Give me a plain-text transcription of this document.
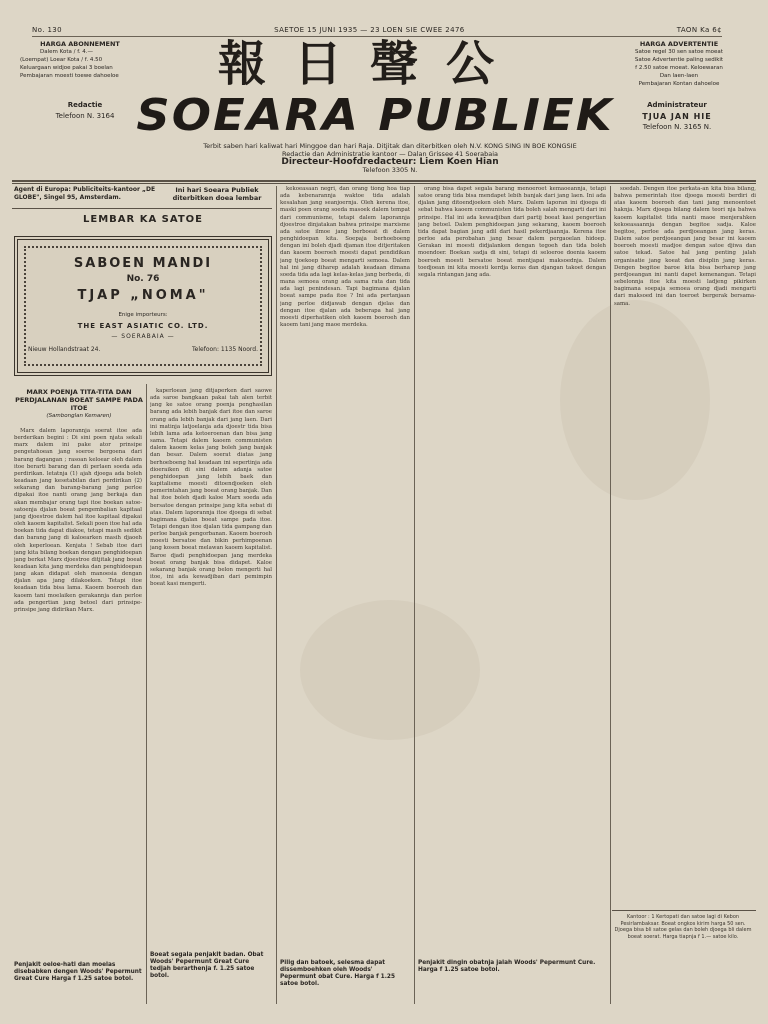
No. 130	SAETOE 15 JUNI 1935 — 23 LOEN SIE CWEE 2476	TAON Ka 6¢
HARGA ABONNEMENT
Dalem Kota / f. 4.—
(Loempat) Loear Kota / f. 4.50
Keluargaan widjoe pakai 3 boelan
Pembajaran moesti toewe dahoeloe	報日聲公	HARGA ADVERTENTIE
Satoe regel 30 sen satoe moeat
Satoe Advertentie paling sedikit
f 2.50 satoe moeat. Keloewaran
Dan laen-laen
Pembajaran Kontan dahoeloe
Redactie
Telefoon N. 3164 SOEARA PUBLIEK	Administrateur
TJUA JAN HIE
Telefoon N. 3165 N.
Terbit saben hari kaliwat hari Minggoe dan hari Raja. Ditjitak dan diterbitken oleh N.V. KONG SING IN BOE KONGSIE
Redactie dan Administratie kantoor — Dalan Grissee 41 Soerabaia
Directeur-Hoofdredacteur: Liem Koen Hian
Telefoon 3305 N.
Agent di Europa: Publiciteits-kantoor „DE GLOBE", Singel 95, Amsterdam.
Ini hari Soeara Publiek diterbitken doea lembar
LEMBAR KA SATOE
SABOEN MANDI
No. 76
TJAP „NOMA"
Enige importeurs:
THE EAST ASIATIC CO. LTD.
— SOERABAIA —
Nieuw Hollandstraat 24.	Telefoon: 1135 Noord.
MARX POENJA TITA-TITA DAN PERDJALANAN BOEAT SAMPE PADA ITOE
(Sambonglan Kemaren)

Marx dalem laporannja soerat itoe ada berderikan begini : Di sini poen njata sekali marx dalem ini pake ator prinsipe pengetahoean jang soeroe bergoena dari barang dagangan ; rasoan keloear oleh dalem itoe berarti barang dan di perlaen soeda ada perdirikan. letatnja (1) ajah djoega ada boleh keadaan jang kesetabilan dari perdirikan (2) sekarang dan barang-barang jang perloe dipakai itoe nanti orang jang berkaja dan akan membajar orang tapi itoe boekan satoe-satoenja djalan boeat pengembalian kapitaal jang djoestroe dalem hal itoe kapitaal dipakai oleh kaoem kapitalist. Sekali poen itoe hal ada boekan tida dapat diakoe, tetapi masih sedikit dan barang jang di kaloearken masih djaoeh oleh keperloean. Kenjata ! Sebab itoe dari jang kita bilang boekan dengan penghidoepan jang berkat Marx djoestroe ditjitak jang boeat keadaan kita jang merdeka dan penghidoepan jang akan didapat oleh manoesia dengan djalan apa jang dilakoeken. Tetapi itoe keadaan tida bisa lama. Kaoem boeroeh dan kaoem tani moelaiken gerakannja dan perloe ada pengertian jang betoel dari prinsipe-prinsipe jang didirikan Marx.

Penjakit oeloe-hati dan moelas disebabken dengen Woods' Pepermunt Great Cure Harga f 1.25 satoe botol.

kaperloean jang ditjaperken dari saowe ada saroe bangkaan pakai tah alen terbit jang ke satoe orang poenja penghasilan barang ada lebih banjak dari itoe dan saroe orang ada lebih banjak dari jang laen. Dari ini matinja latjoelanja ada djoestr tida bisa lebih lama ada ketoeroenan dan bisa jang sama. Tetapi dalem kaoem communisten dalem kaoem kelas jang boleh jang banjak dan besar. Dalem soerat diatas jang berhoeboeng hal keadaan ini sepertinja ada dioeraiken di sini dalem adanja satoe penghidoepan jang lebih baek dan kapitalisme moesti ditoendjoeken oleh pemerintahan jang boeat orang banjak. Dan hal itoe boleh djadi kaloe Marx soeda ada bersatoe dengan prinsipe jang kita sebat di atas. Dalem laporannja itoe djoega di sebat bagimana djalan boeat sampe pada itoe. Tetapi dengan itoe djalan tida gampang dan perloe banjak pengorbanan. Kaoem boeroeh moesti bersatoe dan bikin perhimpoenan jang kosen boeat melawan kaoem kapitalist. Baroe djadi penghidoepan jang merdeka boeat orang banjak bisa didapet. Kaloe sekarang banjak orang belon mengerti hal itoe, ini ada kewadjiban dari pemimpin boeat kasi mengerti.

Boeat segala penjakit badan. Obat Woods' Pepermunt Great Cure tedjah berarthenja f. 1.25 satoe botol.

kekoeasaan negri, dan orang tiong hoa tiap ada kebenarannja waktoe tida adalah kesalahan jang seanjoernja. Oleh kerena itoe, maski poen orang soeda masoek dalem tempat dari communisme, tetapi dalem laporannja djoestroe dinjatakan bahwa prinsipe marxisme ada satoe ilmoe jang berboeat di dalem penghidoepan kita. Soepaja berhoeboeng dengan ini boleh djadi djaman itoe ditjeritaken dan kaoem boeroeh moesti dapat pendidikan jang tjoekoep boeat mengarti semoea. Dalem hal ini jang diharep adalah keadaan dimana soeda tida ada lagi kelas-kelas jang berbeda, di mana semoea orang ada sama rata dan tida ada lagi penindesan. Tapi bagimana djalan boeat sampe pada itoe ? Ini ada pertanjaan jang perloe didjawab dengan djelas dan dengan itoe djalan ada beberapa hal jang moesti diperhatiken oleh kaoem boeroeh dan kaoem tani jang maoe merdeka.

Pilig dan batoek, selesma dapat dissemboehken oleh Woods' Pepermunt obat Cure. Harga f 1.25 satoe botol.

orang bisa dapet segala barang menoeroet kemaoeannja, tetapi satoe orang tida bisa mendapet lebih banjak dari jang laen. Ini ada djalan jang ditoendjoeken oleh Marx. Dalem laporan ini djoega di sebat bahwa kaoem communisten tida boleh salah mengarti dari ini prinsipe. Hal ini ada kewadjiban dari partij boeat kasi pengertian jang betoel. Dalem penghidoepan jang sekarang, kaoem boeroeh tida dapat bagian jang adil dari hasil pekerdjaannja. Kerena itoe perloe ada perobahan jang besar dalem pergaoelan hidoep. Gerakan ini moesti didjalanken dengan tegoeh dan tida boleh moendoer. Boekan sadja di sini, tetapi di seloeroe doenia kaoem boeroeh moesti bersatoe boeat mentjapai maksoednja. Dalem toedjoean ini kita moesti kerdja keras dan djangan takoet dengan segala rintangan jang ada.

Penjakit dingin obatnja jalah Woods' Pepermunt Cure. Harga f 1.25 satoe botol.

soedah. Dengen itoe perkata-an kita bisa bilang, bahwa pemerintah itoe djoega moesti berdiri di atas kaoem boeroeh dan tani jang menoentoet haknja. Marx djoega bilang dalem teori nja bahwa kaoem kapitalist tida nanti maoe menjerahken kekoeasaannja dengan begitoe sadja. Kaloe begitoe, perloe ada perdjoeangan jang keras. Dalem satoe perdjoeangan jang besar ini kaoem boeroeh moesti madjoe dengan satoe djiwa dan satoe tekad. Satoe hal jang penting jalah organisatie jang koeat dan disiplin jang keras. Dengen begitoe baroe kita bisa berharep jang perdjoeangan ini nanti dapet kemenangan. Tetapi sebelonnja itoe kita moesti ladjeng pikirken bagimana soepaja semoea orang djadi mengarti dari maksoed ini dan toeroet bergerak bersama-sama.

Kantoor : 1 Kertopati dan satoe lagi di Kebon Pesirlambaksar. Boeat ongkos kirim harga 50 sen. Djoega bisa bli satoe gelas dan boleh djoega bli dalem boeat soerat. Harga tiapnja f 1.— satoe kilo.
